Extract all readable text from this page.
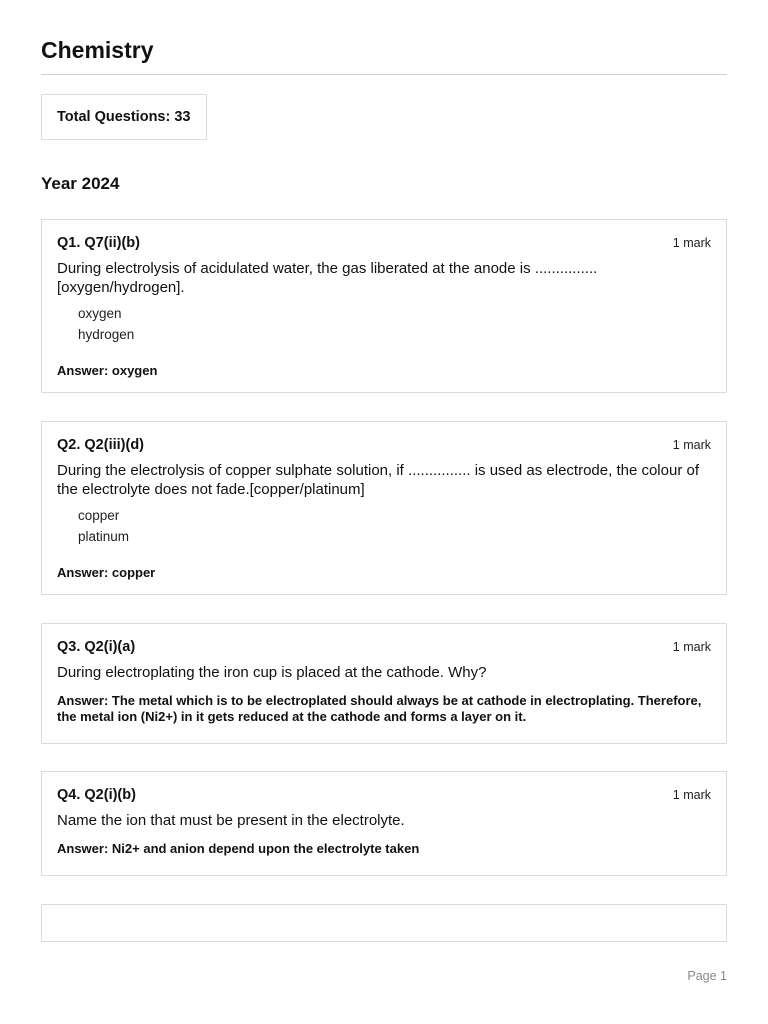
Chemistry
Total Questions: 33
Year 2024
Q1. Q7(ii)(b)	1 mark

During electrolysis of acidulated water, the gas liberated at the anode is ............... [oxygen/hydrogen].

oxygen
hydrogen
Answer: oxygen
Q2. Q2(iii)(d)	1 mark

During the electrolysis of copper sulphate solution, if ............... is used as electrode, the colour of the electrolyte does not fade.[copper/platinum]

copper
platinum
Answer: copper
Q3. Q2(i)(a)	1 mark

During electroplating the iron cup is placed at the cathode. Why?

Answer: The metal which is to be electroplated should always be at cathode in electroplating. Therefore, the metal ion (Ni2+) in it gets reduced at the cathode and forms a layer on it.
Q4. Q2(i)(b)	1 mark

Name the ion that must be present in the electrolyte.

Answer: Ni2+ and anion depend upon the electrolyte taken
Page 1
